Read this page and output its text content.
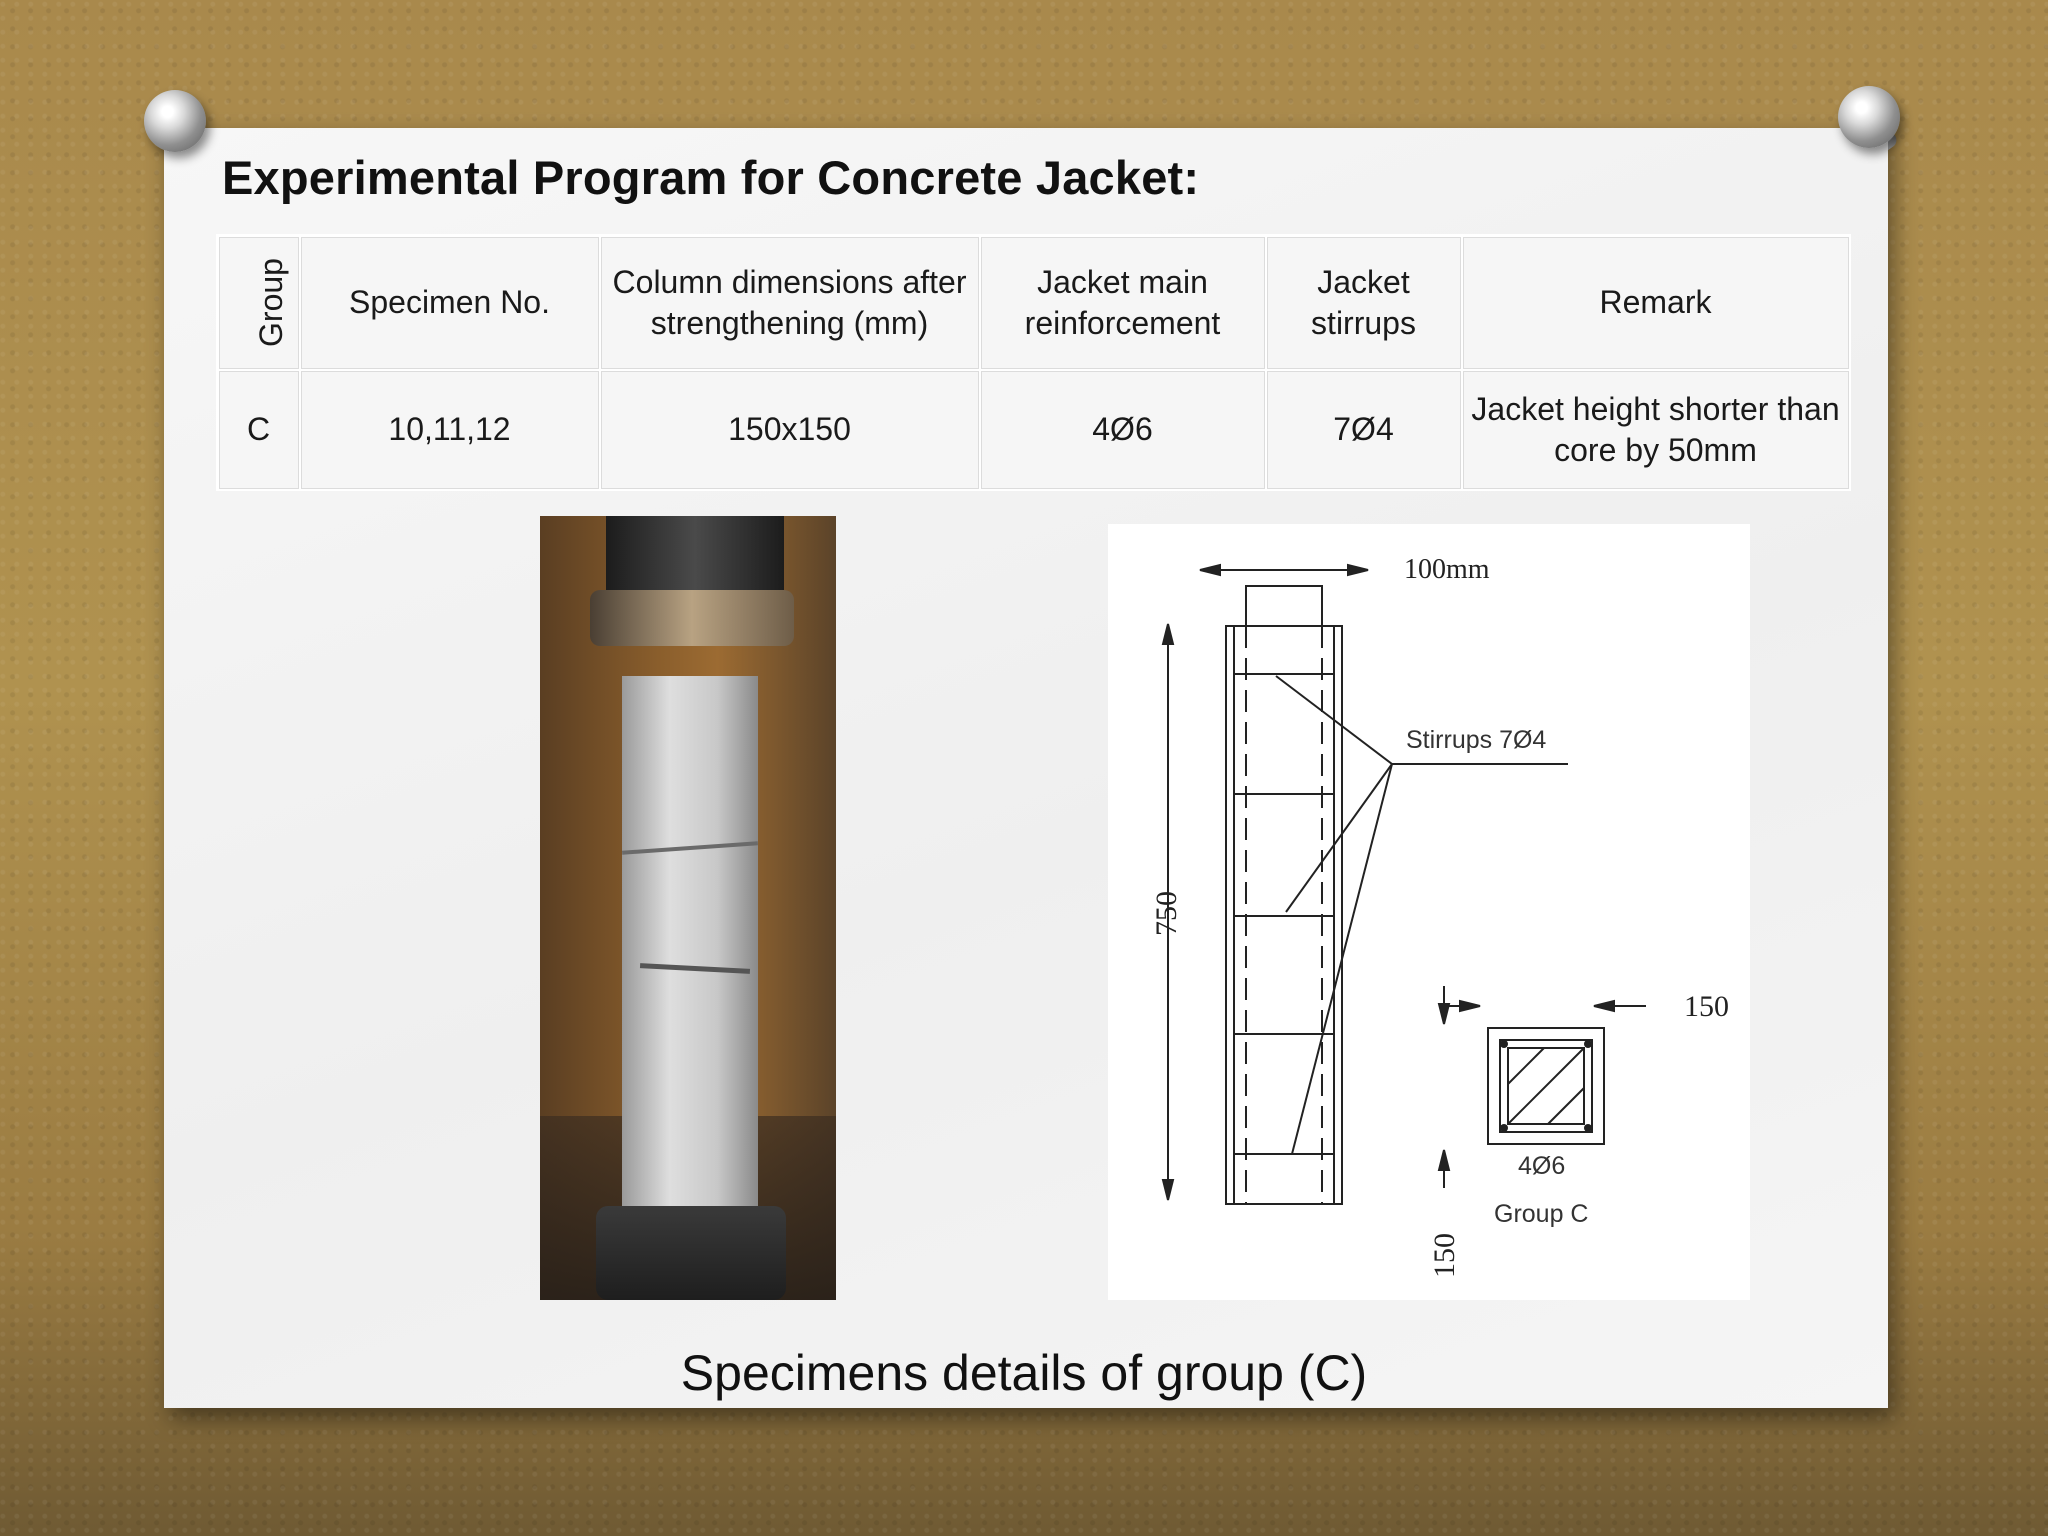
Experimental Program for Concrete Jacket:
Group	Specimen No.	Column dimensions after strengthening (mm)	Jacket main reinforcement	Jacket stirrups	Remark
C	10,11,12	150x150	4Ø6	7Ø4	Jacket height shorter than core by 50mm
100mm
Stirrups 7Ø4
750
150
150
4Ø6
Group C

Specimens details of group (C)
